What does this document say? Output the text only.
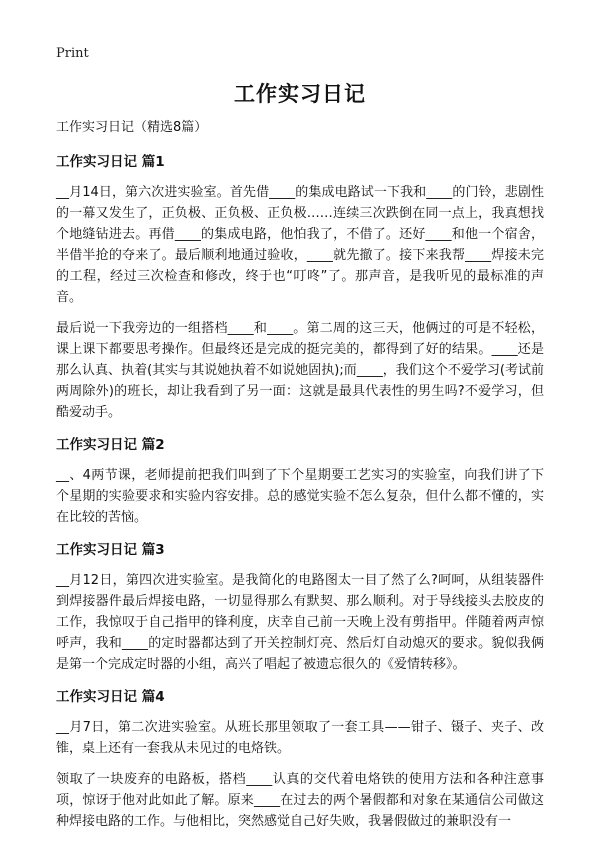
Print
工作实习日记
工作实习日记（精选8篇）
工作实习日记 篇1

__月14日，第六次进实验室。首先借____的集成电路试一下我和____的门铃，悲剧性的一幕又发生了，正负极、正负极、正负极……连续三次跌倒在同一点上，我真想找个地缝钻进去。再借____的集成电路，他怕我了，不借了。还好____和他一个宿舍，半借半抢的夺来了。最后顺利地通过验收，____就先撤了。接下来我帮____焊接未完的工程，经过三次检查和修改，终于也“叮咚”了。那声音，是我听见的最标准的声音。

最后说一下我旁边的一组搭档____和____。第二周的这三天，他俩过的可是不轻松，课上课下都要思考操作。但最终还是完成的挺完美的，都得到了好的结果。____还是那么认真、执着(其实与其说她执着不如说她固执);而____，我们这个不爱学习(考试前两周除外)的班长，却让我看到了另一面：这就是最具代表性的男生吗?不爱学习，但酷爱动手。

工作实习日记 篇2

__、4两节课，老师提前把我们叫到了下个星期要工艺实习的实验室，向我们讲了下个星期的实验要求和实验内容安排。总的感觉实验不怎么复杂，但什么都不懂的，实在比较的苦恼。

工作实习日记 篇3

__月12日，第四次进实验室。是我简化的电路图太一目了然了么?呵呵，从组装器件到焊接器件最后焊接电路，一切显得那么有默契、那么顺利。对于导线接头去胶皮的工作，我惊叹于自己指甲的锋利度，庆幸自己前一天晚上没有剪指甲。伴随着两声惊呼声，我和____的定时器都达到了开关控制灯亮、然后灯自动熄灭的要求。貌似我俩是第一个完成定时器的小组，高兴了唱起了被遗忘很久的《爱情转移》。

工作实习日记 篇4

__月7日，第二次进实验室。从班长那里领取了一套工具——钳子、镊子、夹子、改锥，桌上还有一套我从未见过的电烙铁。

领取了一块废弃的电路板，搭档____认真的交代着电烙铁的使用方法和各种注意事项，惊讶于他对此如此了解。原来____在过去的两个暑假都和对象在某通信公司做这种焊接电路的工作。与他相比，突然感觉自己好失败，我暑假做过的兼职没有一
